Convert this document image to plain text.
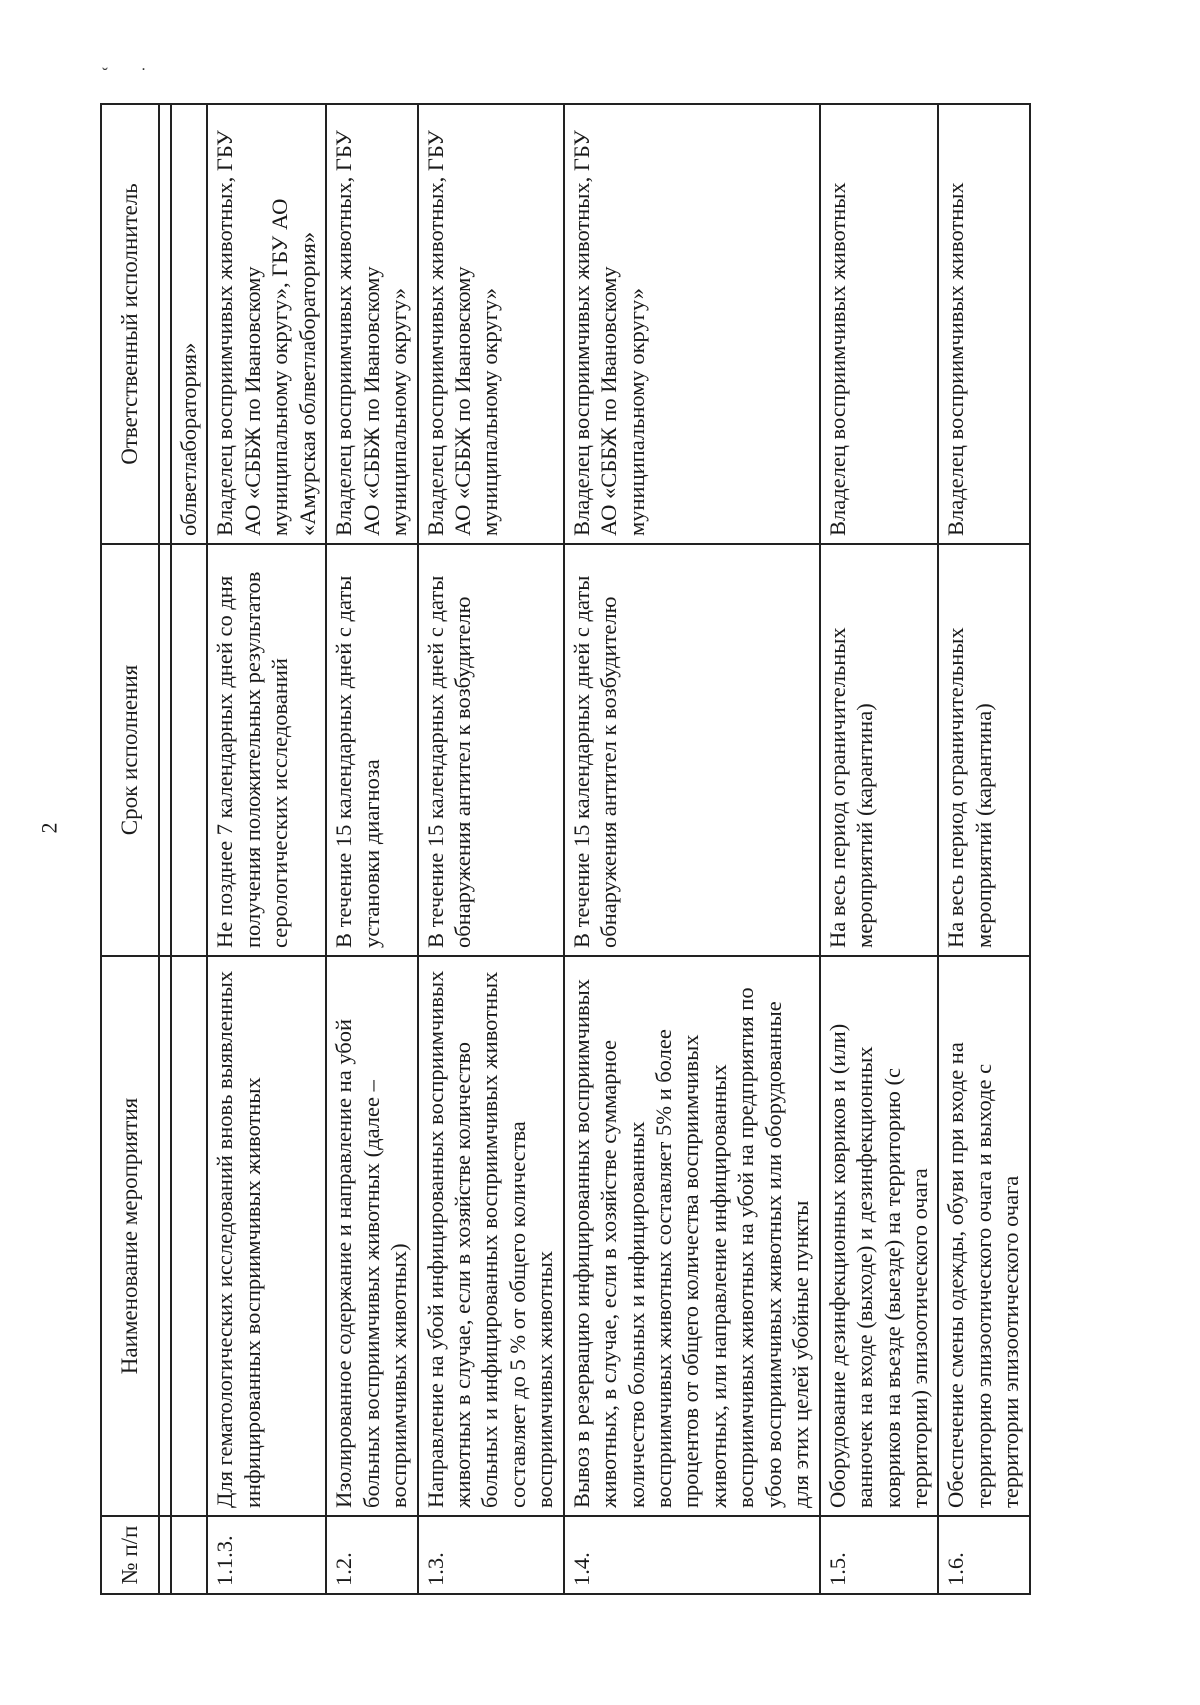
˘ ˙
2
№ п/п	Наименование мероприятия	Срок исполнения	Ответственный исполнитель

			облветлаборатория»
1.1.3.	Для гематологических исследований вновь выявленных инфицированных восприимчивых животных	Не позднее 7 календарных дней со дня получения положительных результатов серологических исследований	Владелец восприимчивых животных, ГБУ АО «СББЖ по Ивановскому муниципальному округу», ГБУ АО «Амурская облветлаборатория»
1.2.	Изолированное содержание и направление на убой больных восприимчивых животных (далее – восприимчивых животных)	В течение 15 календарных дней с даты установки диагноза	Владелец восприимчивых животных, ГБУ АО «СББЖ по Ивановскому муниципальному округу»
1.3.	Направление на убой инфицированных восприимчивых животных в случае, если в хозяйстве количество больных и инфицированных восприимчивых животных составляет до 5 % от общего количества восприимчивых животных	В течение 15 календарных дней с даты обнаружения антител к возбудителю	Владелец восприимчивых животных, ГБУ АО «СББЖ по Ивановскому муниципальному округу»
1.4.	Вывоз в резервацию инфицированных восприимчивых животных, в случае, если в хозяйстве суммарное количество больных и инфицированных восприимчивых животных составляет 5% и более процентов от общего количества восприимчивых животных, или направление инфицированных восприимчивых животных на убой на предприятия по убою восприимчивых животных или оборудованные для этих целей убойные пункты	В течение 15 календарных дней с даты обнаружения антител к возбудителю	Владелец восприимчивых животных, ГБУ АО «СББЖ по Ивановскому муниципальному округу»
1.5.	Оборудование дезинфекционных ковриков и (или) ванночек на входе (выходе) и дезинфекционных ковриков на въезде (выезде) на территорию (с территории) эпизоотического очага	На весь период ограничительных мероприятий (карантина)	Владелец восприимчивых животных
1.6.	Обеспечение смены одежды, обуви при входе на территорию эпизоотического очага и выходе с территории эпизоотического очага	На весь период ограничительных мероприятий (карантина)	Владелец восприимчивых животных
